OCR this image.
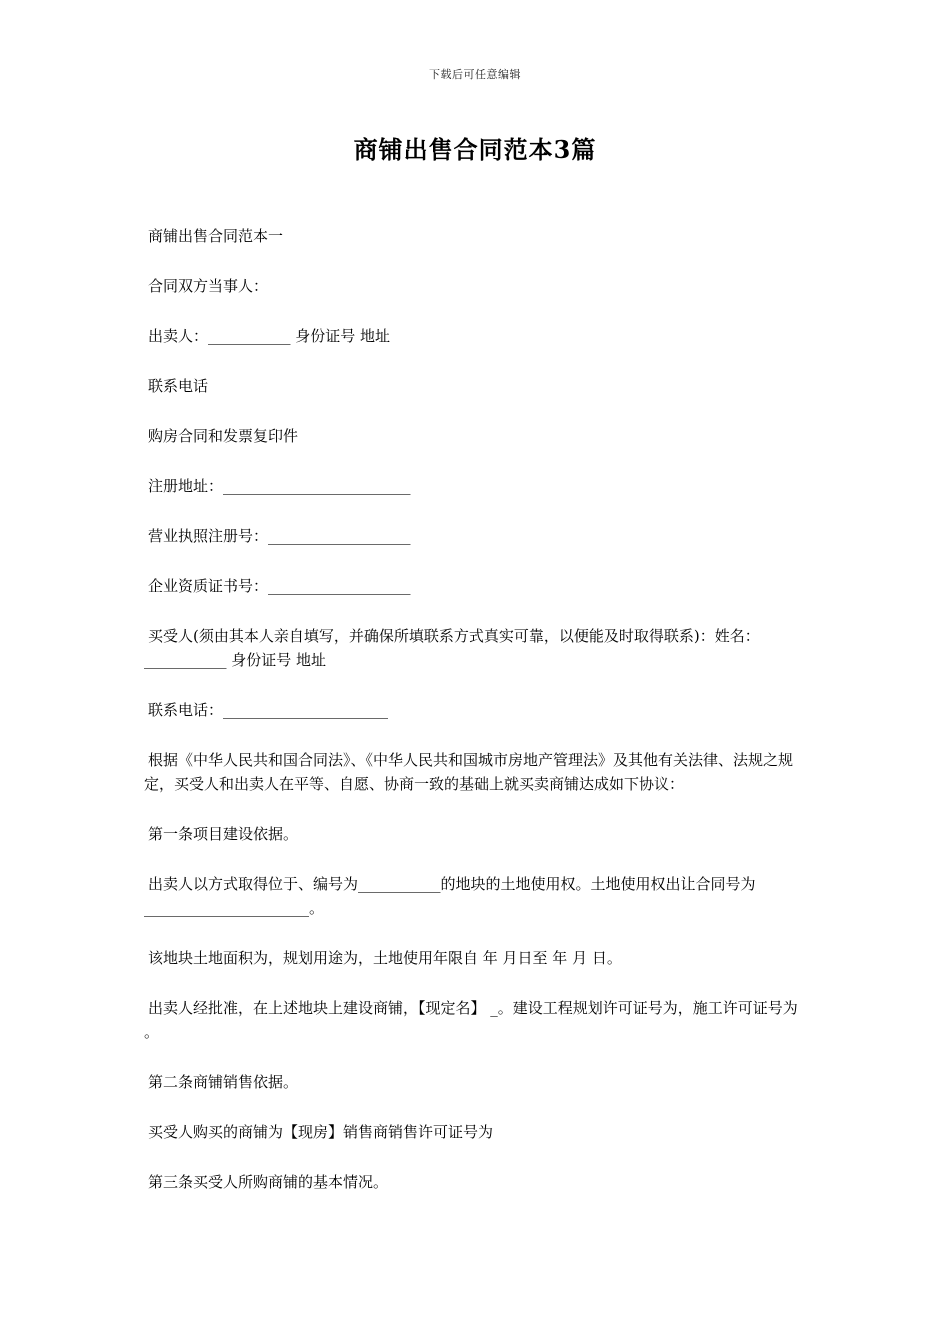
下载后可任意编辑
商铺出售合同范本3篇

商铺出售合同范本一

合同双方当事人：

出卖人：___________ 身份证号 地址

联系电话

购房合同和发票复印件

注册地址：_________________________

营业执照注册号：___________________

企业资质证书号：___________________

买受人(须由其本人亲自填写，并确保所填联系方式真实可靠，以便能及时取得联系)：姓名：___________ 身份证号 地址

联系电话：______________________

根据《中华人民共和国合同法》、《中华人民共和国城市房地产管理法》及其他有关法律、法规之规定，买受人和出卖人在平等、自愿、协商一致的基础上就买卖商铺达成如下协议：

第一条项目建设依据。

出卖人以方式取得位于、编号为___________的地块的土地使用权。土地使用权出让合同号为______________________。

该地块土地面积为，规划用途为，土地使用年限自 年 月日至 年 月 日。

出卖人经批准，在上述地块上建设商铺，【现定名】 _。建设工程规划许可证号为，施工许可证号为 。

第二条商铺销售依据。

买受人购买的商铺为【现房】销售商销售许可证号为

第三条买受人所购商铺的基本情况。
